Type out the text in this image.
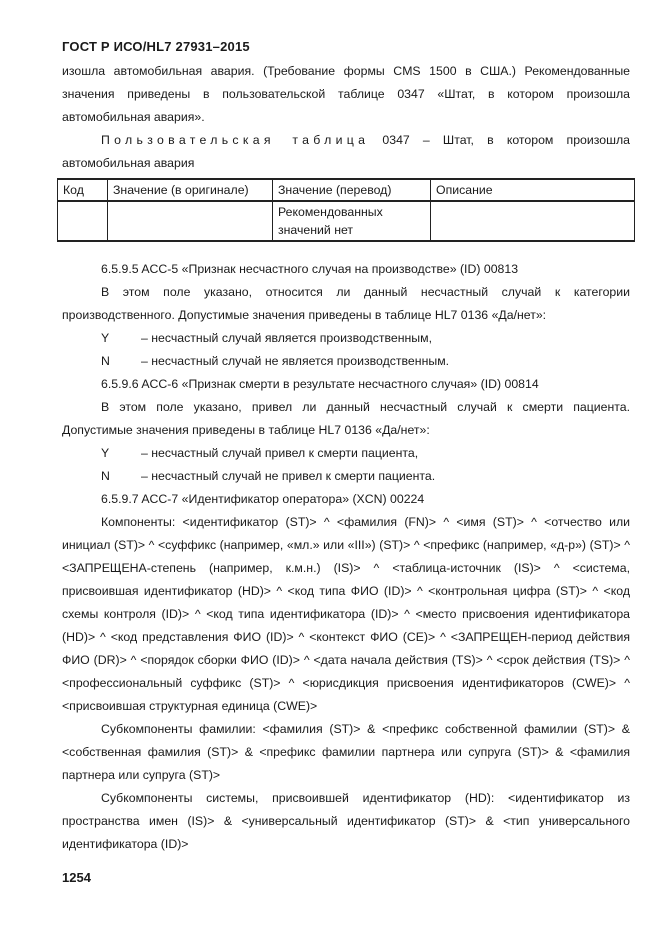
ГОСТ Р ИСО/HL7 27931–2015

изошла автомобильная авария. (Требование формы CMS 1500 в США.) Рекомендованные значения приведены в пользовательской таблице 0347 «Штат, в котором произошла автомобильная авария».

Пользовательская таблица 0347 – Штат, в котором произошла автомобильная авария

Код	Значение (в оригинале)	Значение (перевод)	Описание
		Рекомендованных значений нет	

6.5.9.5 ACC-5 «Признак несчастного случая на производстве» (ID) 00813

В этом поле указано, относится ли данный несчастный случай к категории производственного. Допустимые значения приведены в таблице HL7 0136 «Да/нет»:

Y	– несчастный случай является производственным,
N	– несчастный случай не является производственным.

6.5.9.6 ACC-6 «Признак смерти в результате несчастного случая» (ID) 00814

В этом поле указано, привел ли данный несчастный случай к смерти пациента. Допустимые значения приведены в таблице HL7 0136 «Да/нет»:

Y	– несчастный случай привел к смерти пациента,
N	– несчастный случай не привел к смерти пациента.

6.5.9.7 ACC-7 «Идентификатор оператора» (XCN) 00224

Компоненты: <идентификатор (ST)> ^ <фамилия (FN)> ^ <имя (ST)> ^ <отчество или инициал (ST)> ^ <суффикс (например, «мл.» или «III») (ST)> ^ <префикс (например, «д-р») (ST)> ^ <ЗАПРЕЩЕНА-степень (например, к.м.н.) (IS)> ^ <таблица-источник (IS)> ^ <система, присвоившая идентификатор (HD)> ^ <код типа ФИО (ID)> ^ <контрольная цифра (ST)> ^ <код схемы контроля (ID)> ^ <код типа идентификатора (ID)> ^ <место присвоения идентификатора (HD)> ^ <код представления ФИО (ID)> ^ <контекст ФИО (CE)> ^ <ЗАПРЕЩЕН-период действия ФИО (DR)> ^ <порядок сборки ФИО (ID)> ^ <дата начала действия (TS)> ^ <срок действия (TS)> ^ <профессиональный суффикс (ST)> ^ <юрисдикция присвоения идентификаторов (CWE)> ^ <присвоившая структурная единица (CWE)>

Субкомпоненты фамилии: <фамилия (ST)> & <префикс собственной фамилии (ST)> & <собственная фамилия (ST)> & <префикс фамилии партнера или супруга (ST)> & <фамилия партнера или супруга (ST)>

Субкомпоненты системы, присвоившей идентификатор (HD): <идентификатор из пространства имен (IS)> & <универсальный идентификатор (ST)> & <тип универсального идентификатора (ID)>

1254
